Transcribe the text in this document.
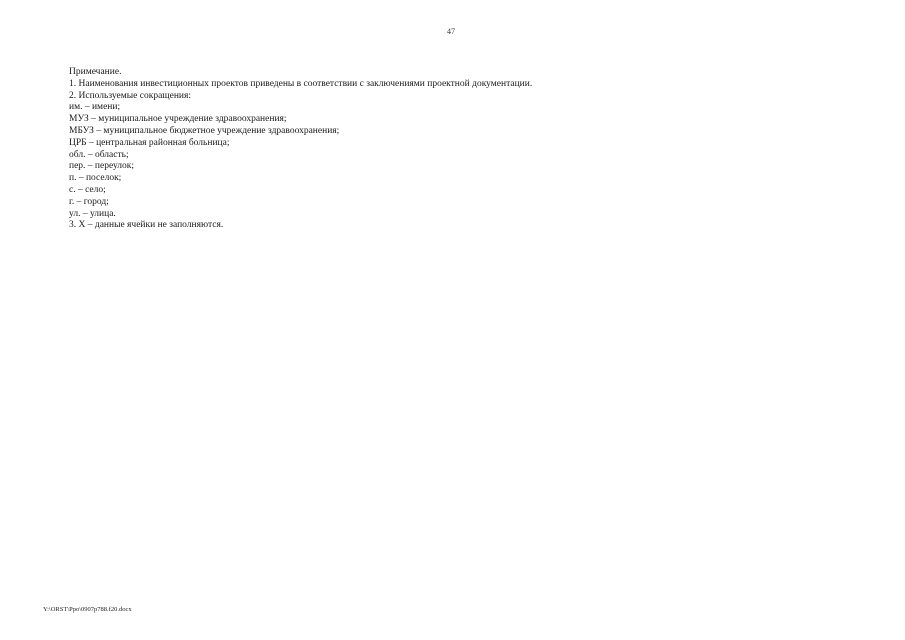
47
Примечание.
1. Наименования инвестиционных проектов приведены в соответствии с заключениями проектной документации.
2. Используемые сокращения:
им. – имени;
МУЗ – муниципальное учреждение здравоохранения;
МБУЗ – муниципальное бюджетное учреждение здравоохранения;
ЦРБ – центральная районная больница;
обл. – область;
пер. – переулок;
п. – поселок;
с. – село;
г. – город;
ул. – улица.
3. Х – данные ячейки не заполняются.
Y:\ORST\Ppo\0907p788.f20.docx
